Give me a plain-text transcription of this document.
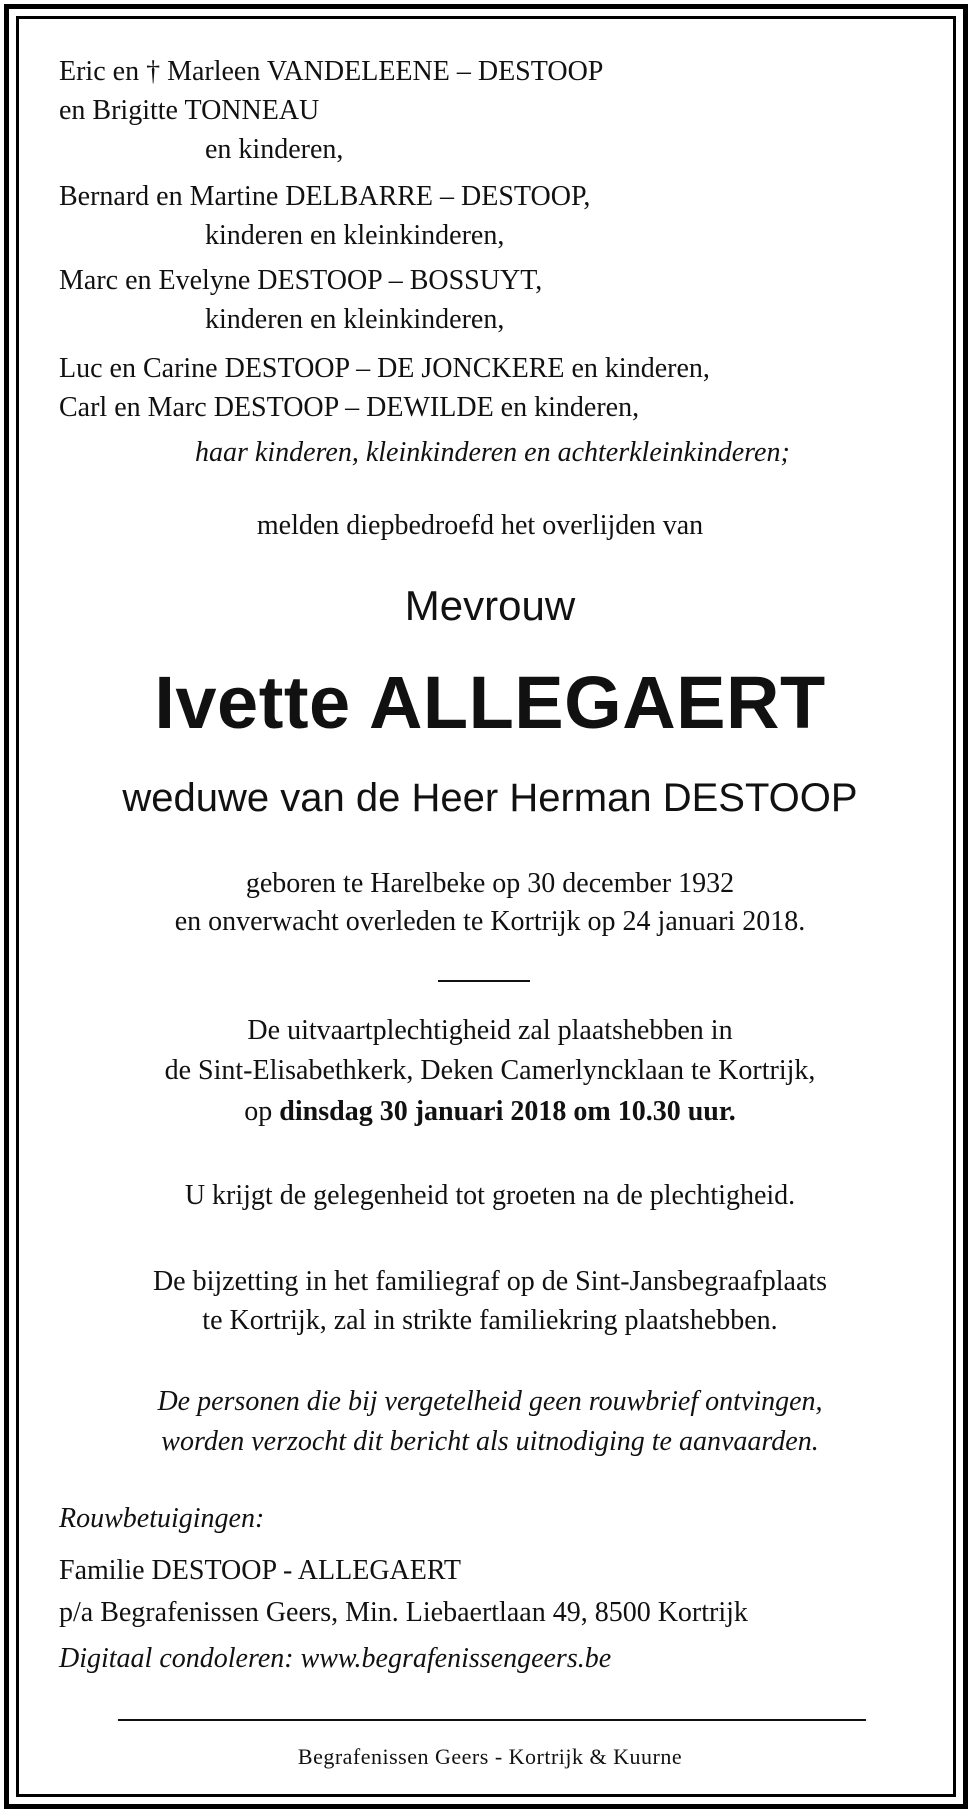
Eric en † Marleen VANDELEENE – DESTOOP
en Brigitte TONNEAU
en kinderen,
Bernard en Martine DELBARRE – DESTOOP,
kinderen en kleinkinderen,
Marc en Evelyne DESTOOP – BOSSUYT,
kinderen en kleinkinderen,
Luc en Carine DESTOOP – DE JONCKERE en kinderen,
Carl en Marc DESTOOP – DEWILDE en kinderen,
haar kinderen, kleinkinderen en achterkleinkinderen;
melden diepbedroefd het overlijden van
Mevrouw
Ivette ALLEGAERT
weduwe van de Heer Herman DESTOOP
geboren te Harelbeke op 30 december 1932
en onverwacht overleden te Kortrijk op 24 januari 2018.
De uitvaartplechtigheid zal plaatshebben in
de Sint-Elisabethkerk, Deken Camerlyncklaan te Kortrijk,
op dinsdag 30 januari 2018 om 10.30 uur.
U krijgt de gelegenheid tot groeten na de plechtigheid.
De bijzetting in het familiegraf op de Sint-Jansbegraafplaats
te Kortrijk, zal in strikte familiekring plaatshebben.
De personen die bij vergetelheid geen rouwbrief ontvingen,
worden verzocht dit bericht als uitnodiging te aanvaarden.
Rouwbetuigingen:
Familie DESTOOP - ALLEGAERT
p/a Begrafenissen Geers, Min. Liebaertlaan 49, 8500 Kortrijk
Digitaal condoleren: www.begrafenissengeers.be
Begrafenissen Geers - Kortrijk & Kuurne
